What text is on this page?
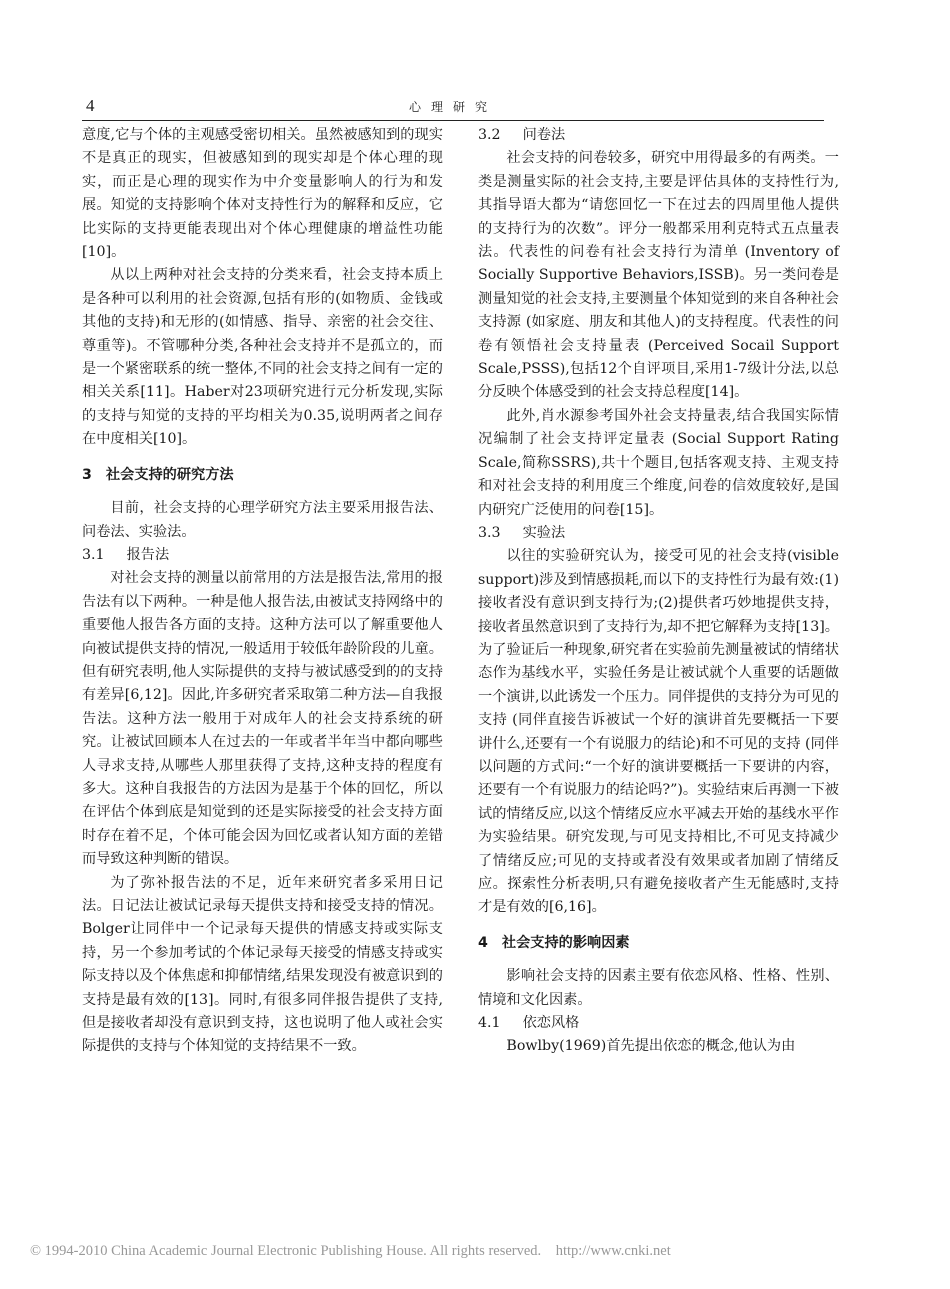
4	心理研究

意度,它与个体的主观感受密切相关。虽然被感知到的现实不是真正的现实，但被感知到的现实却是个体心理的现实，而正是心理的现实作为中介变量影响人的行为和发展。知觉的支持影响个体对支持性行为的解释和反应，它比实际的支持更能表现出对个体心理健康的增益性功能[10]。

从以上两种对社会支持的分类来看，社会支持本质上是各种可以利用的社会资源,包括有形的(如物质、金钱或其他的支持)和无形的(如情感、指导、亲密的社会交往、尊重等)。不管哪种分类,各种社会支持并不是孤立的，而是一个紧密联系的统一整体,不同的社会支持之间有一定的相关关系[11]。Haber对23项研究进行元分析发现,实际的支持与知觉的支持的平均相关为0.35,说明两者之间存在中度相关[10]。

3 社会支持的研究方法

目前，社会支持的心理学研究方法主要采用报告法、问卷法、实验法。

3.1 报告法

对社会支持的测量以前常用的方法是报告法,常用的报告法有以下两种。一种是他人报告法,由被试支持网络中的重要他人报告各方面的支持。这种方法可以了解重要他人向被试提供支持的情况,一般适用于较低年龄阶段的儿童。但有研究表明,他人实际提供的支持与被试感受到的的支持有差异[6,12]。因此,许多研究者采取第二种方法—自我报告法。这种方法一般用于对成年人的社会支持系统的研究。让被试回顾本人在过去的一年或者半年当中都向哪些人寻求支持,从哪些人那里获得了支持,这种支持的程度有多大。这种自我报告的方法因为是基于个体的回忆，所以在评估个体到底是知觉到的还是实际接受的社会支持方面时存在着不足，个体可能会因为回忆或者认知方面的差错而导致这种判断的错误。

为了弥补报告法的不足，近年来研究者多采用日记法。日记法让被试记录每天提供支持和接受支持的情况。Bolger让同伴中一个记录每天提供的情感支持或实际支持，另一个参加考试的个体记录每天接受的情感支持或实际支持以及个体焦虑和抑郁情绪,结果发现没有被意识到的支持是最有效的[13]。同时,有很多同伴报告提供了支持,但是接收者却没有意识到支持，这也说明了他人或社会实际提供的支持与个体知觉的支持结果不一致。

3.2 问卷法

社会支持的问卷较多，研究中用得最多的有两类。一类是测量实际的社会支持,主要是评估具体的支持性行为,其指导语大都为“请您回忆一下在过去的四周里他人提供的支持行为的次数”。评分一般都采用利克特式五点量表法。代表性的问卷有社会支持行为清单 (Inventory of Socially Supportive Behaviors,ISSB)。另一类问卷是测量知觉的社会支持,主要测量个体知觉到的来自各种社会支持源 (如家庭、朋友和其他人)的支持程度。代表性的问卷有领悟社会支持量表 (Perceived Socail Support Scale,PSSS),包括12个自评项目,采用1-7级计分法,以总分反映个体感受到的社会支持总程度[14]。

此外,肖水源参考国外社会支持量表,结合我国实际情况编制了社会支持评定量表 (Social Support Rating Scale,简称SSRS),共十个题目,包括客观支持、主观支持和对社会支持的利用度三个维度,问卷的信效度较好,是国内研究广泛使用的问卷[15]。

3.3 实验法

以往的实验研究认为，接受可见的社会支持(visible support)涉及到情感损耗,而以下的支持性行为最有效:(1)接收者没有意识到支持行为;(2)提供者巧妙地提供支持，接收者虽然意识到了支持行为,却不把它解释为支持[13]。为了验证后一种现象,研究者在实验前先测量被试的情绪状态作为基线水平，实验任务是让被试就个人重要的话题做一个演讲,以此诱发一个压力。同伴提供的支持分为可见的支持 (同伴直接告诉被试一个好的演讲首先要概括一下要讲什么,还要有一个有说服力的结论)和不可见的支持 (同伴以问题的方式问:“一个好的演讲要概括一下要讲的内容，还要有一个有说服力的结论吗?”)。实验结束后再测一下被试的情绪反应,以这个情绪反应水平减去开始的基线水平作为实验结果。研究发现,与可见支持相比,不可见支持减少了情绪反应;可见的支持或者没有效果或者加剧了情绪反应。探索性分析表明,只有避免接收者产生无能感时,支持才是有效的[6,16]。

4 社会支持的影响因素

影响社会支持的因素主要有依恋风格、性格、性别、情境和文化因素。

4.1 依恋风格

Bowlby(1969)首先提出依恋的概念,他认为由

© 1994-2010 China Academic Journal Electronic Publishing House. All rights reserved. http://www.cnki.net
